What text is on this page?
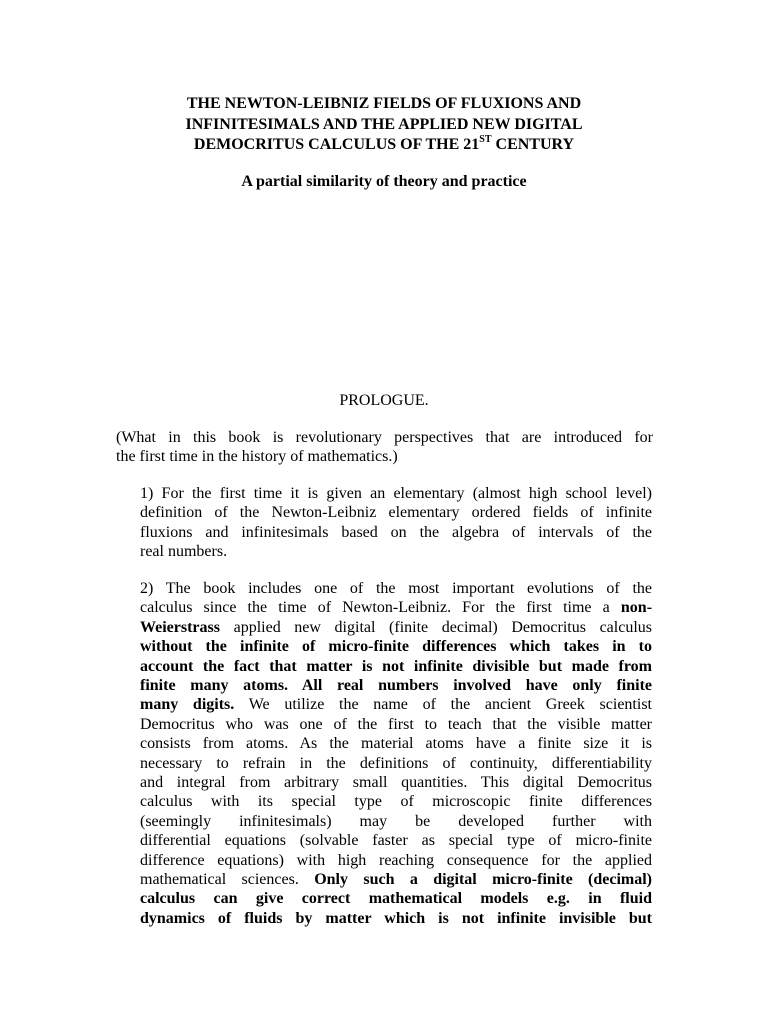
THE NEWTON-LEIBNIZ FIELDS OF FLUXIONS AND
INFINITESIMALS AND THE APPLIED NEW DIGITAL
DEMOCRITUS CALCULUS OF THE 21ST CENTURY
A partial similarity of theory and practice
PROLOGUE.
(What in this book is revolutionary perspectives that are introduced for
the first time in the history of mathematics.)
1) For the first time it is given an elementary (almost high school level)
definition of the Newton-Leibniz elementary ordered fields of infinite
fluxions and infinitesimals based on the algebra of intervals of the
real numbers.
2) The book includes one of the most important evolutions of the
calculus since the time of Newton-Leibniz. For the first time a non-
Weierstrass applied new digital (finite decimal) Democritus calculus
without the infinite of micro-finite differences which takes in to
account the fact that matter is not infinite divisible but made from
finite many atoms. All real numbers involved have only finite
many digits. We utilize the name of the ancient Greek scientist
Democritus who was one of the first to teach that the visible matter
consists from atoms. As the material atoms have a finite size it is
necessary to refrain in the definitions of continuity, differentiability
and integral from arbitrary small quantities. This digital Democritus
calculus with its special type of microscopic finite differences
(seemingly infinitesimals) may be developed further with
differential equations (solvable faster as special type of micro-finite
difference equations) with high reaching consequence for the applied
mathematical sciences. Only such a digital micro-finite (decimal)
calculus can give correct mathematical models e.g. in fluid
dynamics of fluids by matter which is not infinite invisible but
